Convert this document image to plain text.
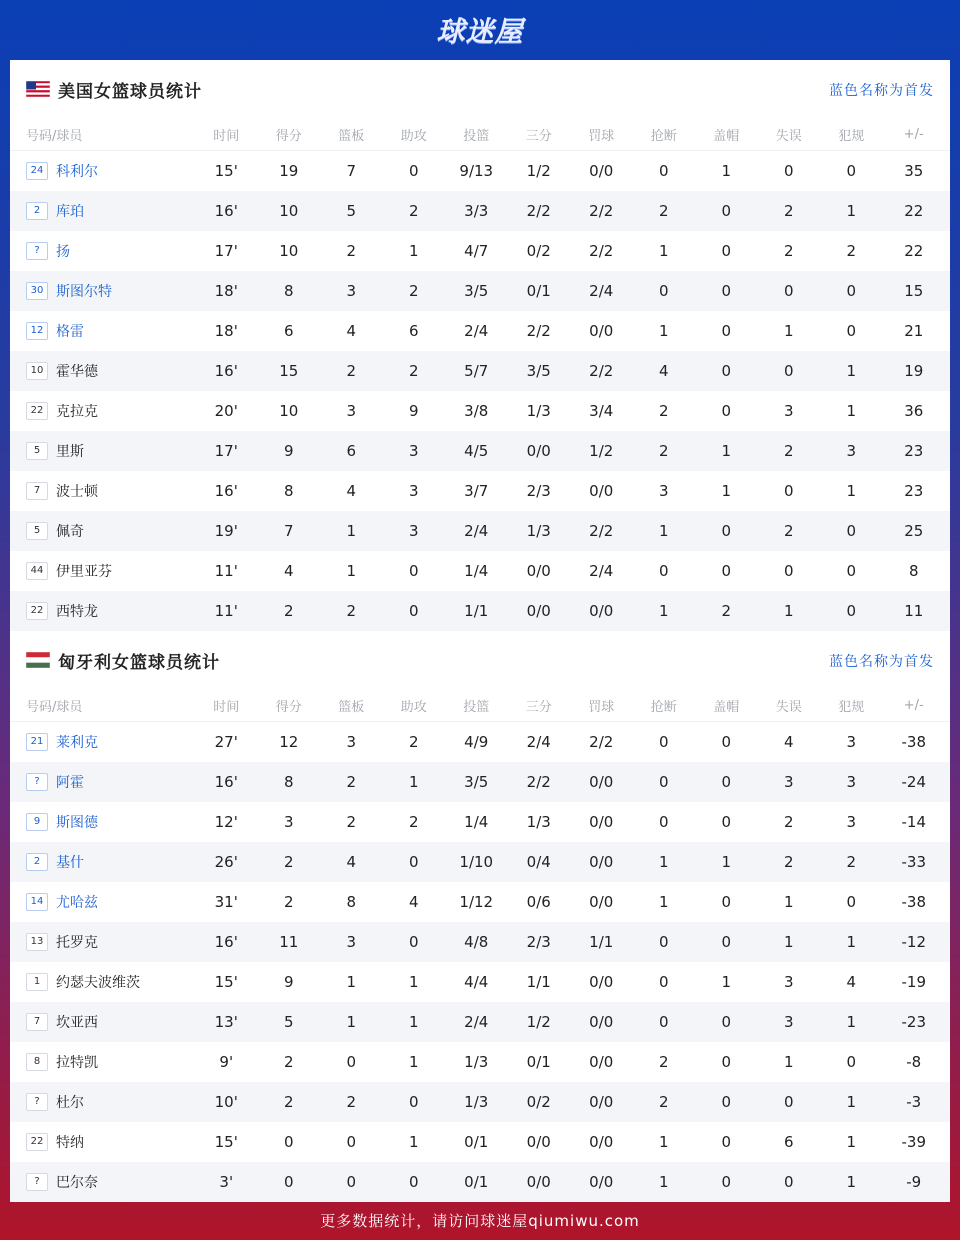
球迷屋
美国女篮球员统计	蓝色名称为首发
号码/球员	时间	得分	篮板	助攻	投篮	三分	罚球	抢断	盖帽	失误	犯规	+/-
24 科利尔	15'	19	7	0	9/13	1/2	0/0	0	1	0	0	35
2	库珀	16'	10	5	2	3/3	2/2	2/2	2	0	2	1	22
?	扬	17'	10	2	1	4/7	0/2	2/2	1	0	2	2	22
30 斯图尔特	18'	8	3	2	3/5	0/1	2/4	0	0	0	0	15
12 格雷	18'	6	4	6	2/4	2/2	0/0	1	0	1	0	21
10 霍华德	16'	15	2	2	5/7	3/5	2/2	4	0	0	1	19
22 克拉克	20'	10	3	9	3/8	1/3	3/4	2	0	3	1	36
5	里斯	17'	9	6	3	4/5	0/0	1/2	2	1	2	3	23
7	波士顿	16'	8	4	3	3/7	2/3	0/0	3	1	0	1	23
5	佩奇	19'	7	1	3	2/4	1/3	2/2	1	0	2	0	25
44 伊里亚芬	11'	4	1	0	1/4	0/0	2/4	0	0	0	0	8
22 西特龙	11'	2	2	0	1/1	0/0	0/0	1	2	1	0	11
匈牙利女篮球员统计	蓝色名称为首发
号码/球员	时间	得分	篮板	助攻	投篮	三分	罚球	抢断	盖帽	失误	犯规	+/-
21 莱利克	27'	12	3	2	4/9	2/4	2/2	0	0	4	3	-38
?	阿霍	16'	8	2	1	3/5	2/2	0/0	0	0	3	3	-24
9	斯图德	12'	3	2	2	1/4	1/3	0/0	0	0	2	3	-14
2	基什	26'	2	4	0	1/10	0/4	0/0	1	1	2	2	-33
14 尤哈兹	31'	2	8	4	1/12	0/6	0/0	1	0	1	0	-38
13 托罗克	16'	11	3	0	4/8	2/3	1/1	0	0	1	1	-12
1	约瑟夫波维茨	15'	9	1	1	4/4	1/1	0/0	0	1	3	4	-19
7	坎亚西	13'	5	1	1	2/4	1/2	0/0	0	0	3	1	-23
8	拉特凯	9'	2	0	1	1/3	0/1	0/0	2	0	1	0	-8
?	杜尔	10'	2	2	0	1/3	0/2	0/0	2	0	0	1	-3
22 特纳	15'	0	0	1	0/1	0/0	0/0	1	0	6	1	-39
?	巴尔奈	3'	0	0	0	0/1	0/0	0/0	1	0	0	1	-9
更多数据统计，请访问球迷屋qiumiwu.com
